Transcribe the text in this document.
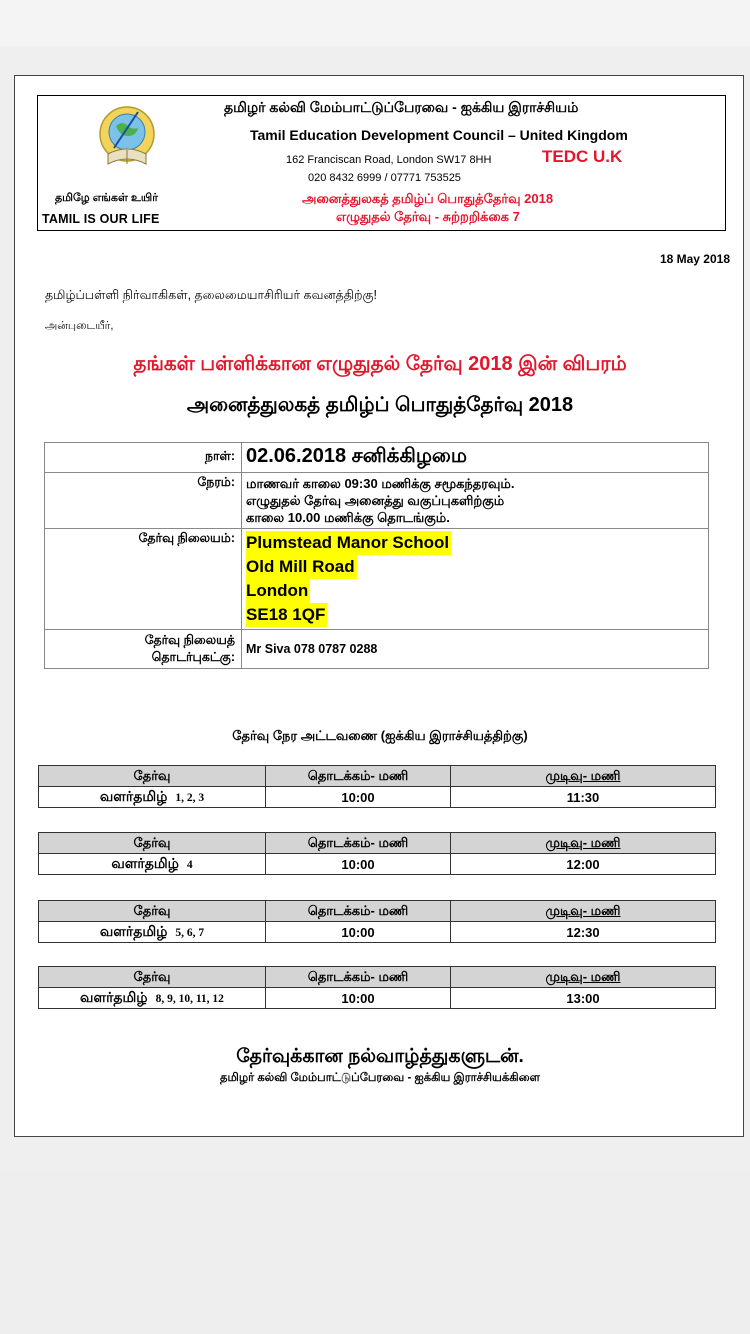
தமிழர் கல்வி மேம்பாட்டுப்பேரவை - ஐக்கிய இராச்சியம்
Tamil Education Development Council – United Kingdom
162 Franciscan Road, London SW17 8HH	TEDC U.K
020 8432 6999 / 07771 753525
தமிழே எங்கள் உயிர்
TAMIL IS OUR LIFE
அனைத்துலகத் தமிழ்ப் பொதுத்தேர்வு 2018
எழுதுதல் தேர்வு - சுற்றறிக்கை 7
18 May 2018
தமிழ்ப்பள்ளி நிர்வாகிகள், தலைமையாசிரியர் கவனத்திற்கு!
அன்புடையீர்,
தங்கள் பள்ளிக்கான எழுதுதல் தேர்வு 2018 இன் விபரம்
அனைத்துலகத் தமிழ்ப் பொதுத்தேர்வு 2018
நாள்:	02.06.2018 சனிக்கிழமை
நேரம்:	மாணவர் காலை 09:30 மணிக்கு சமூகந்தரவும்.
எழுதுதல் தேர்வு அனைத்து வகுப்புகளிற்கும்
காலை 10.00 மணிக்கு தொடங்கும்.

தேர்வு நிலையம்:	Plumstead Manor School
Old Mill Road
London
SE18 1QF

தேர்வு நிலையத்
தொடர்புகட்கு:	Mr Siva 078 0787 0288
தேர்வு நேர அட்டவணை (ஐக்கிய இராச்சியத்திற்கு)
தேர்வு	தொடக்கம்- மணி	முடிவு- மணி
வளர்தமிழ் 1, 2, 3	10:00	11:30
தேர்வு	தொடக்கம்- மணி	முடிவு- மணி
வளர்தமிழ் 4	10:00	12:00
தேர்வு	தொடக்கம்- மணி	முடிவு- மணி
வளர்தமிழ் 5, 6, 7	10:00	12:30
தேர்வு	தொடக்கம்- மணி	முடிவு- மணி
வளர்தமிழ் 8, 9, 10, 11, 12	10:00	13:00
தேர்வுக்கான நல்வாழ்த்துகளுடன்.
தமிழர் கல்வி மேம்பாட்டுப்பேரவை - ஐக்கிய இராச்சியக்கிளை
